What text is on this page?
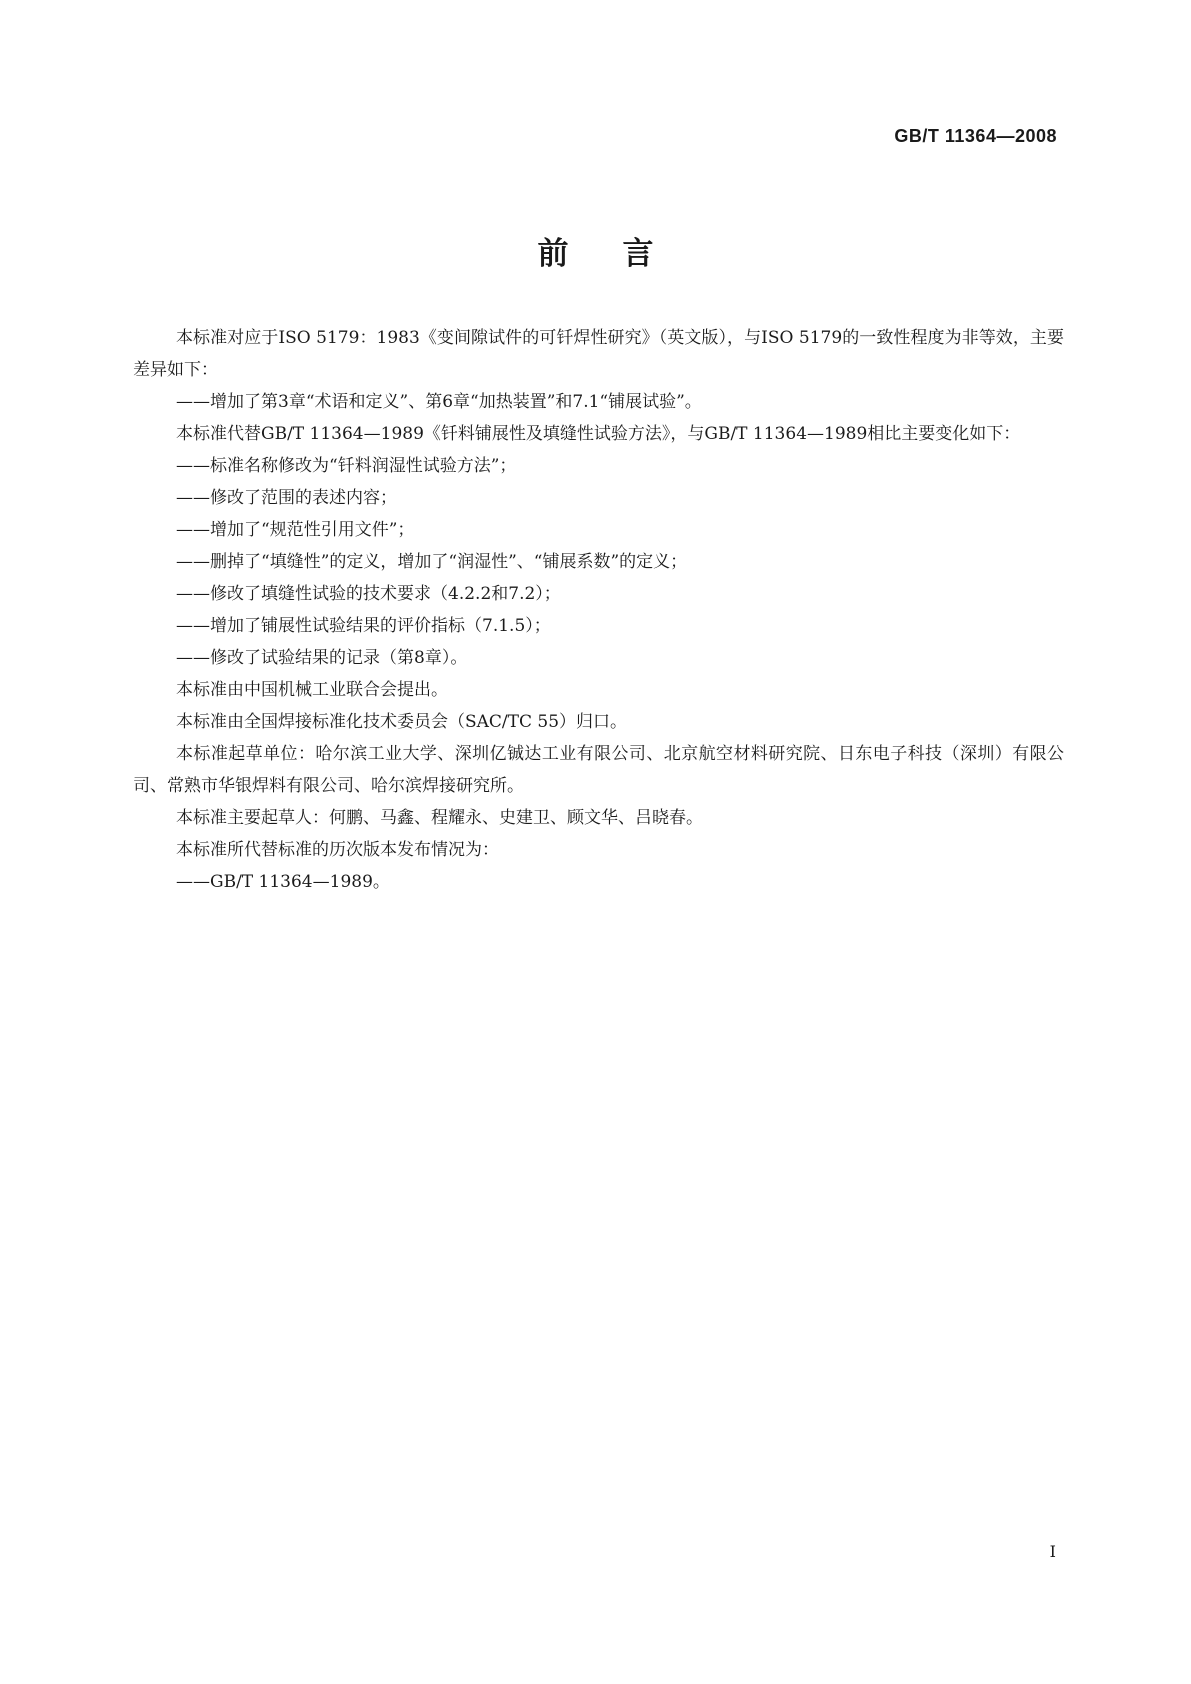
GB/T 11364—2008
前言

本标准对应于ISO 5179：1983《变间隙试件的可钎焊性研究》（英文版），与ISO 5179的一致性程度为非等效，主要差异如下：

——增加了第3章“术语和定义”、第6章“加热装置”和7.1“铺展试验”。

本标准代替GB/T 11364—1989《钎料铺展性及填缝性试验方法》，与GB/T 11364—1989相比主要变化如下：

——标准名称修改为“钎料润湿性试验方法”；

——修改了范围的表述内容；

——增加了“规范性引用文件”；

——删掉了“填缝性”的定义，增加了“润湿性”、“铺展系数”的定义；

——修改了填缝性试验的技术要求（4.2.2和7.2）；

——增加了铺展性试验结果的评价指标（7.1.5）；

——修改了试验结果的记录（第8章）。

本标准由中国机械工业联合会提出。

本标准由全国焊接标准化技术委员会（SAC/TC 55）归口。

本标准起草单位：哈尔滨工业大学、深圳亿铖达工业有限公司、北京航空材料研究院、日东电子科技（深圳）有限公司、常熟市华银焊料有限公司、哈尔滨焊接研究所。

本标准主要起草人：何鹏、马鑫、程耀永、史建卫、顾文华、吕晓春。

本标准所代替标准的历次版本发布情况为：

——GB/T 11364—1989。

I
